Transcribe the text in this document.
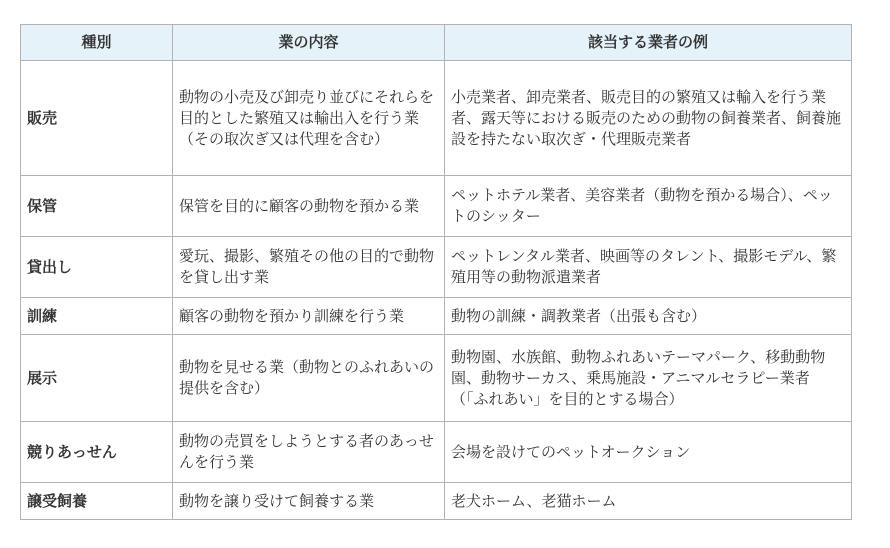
種別	業の内容	該当する業者の例
販売	動物の小売及び卸売り並びにそれらを目的とした繁殖又は輸出入を行う業（その取次ぎ又は代理を含む）	小売業者、卸売業者、販売目的の繁殖又は輸入を行う業者、露天等における販売のための動物の飼養業者、飼養施設を持たない取次ぎ・代理販売業者
保管	保管を目的に顧客の動物を預かる業	ペットホテル業者、美容業者（動物を預かる場合）、ペットのシッター
貸出し	愛玩、撮影、繁殖その他の目的で動物を貸し出す業	ペットレンタル業者、映画等のタレント、撮影モデル、繁殖用等の動物派遣業者
訓練	顧客の動物を預かり訓練を行う業	動物の訓練・調教業者（出張も含む）
展示	動物を見せる業（動物とのふれあいの提供を含む）	動物園、水族館、動物ふれあいテーマパーク、移動動物園、動物サーカス、乗馬施設・アニマルセラピー業者（「ふれあい」を目的とする場合）
競りあっせん	動物の売買をしようとする者のあっせんを行う業	会場を設けてのペットオークション
譲受飼養	動物を譲り受けて飼養する業	老犬ホーム、老猫ホーム
